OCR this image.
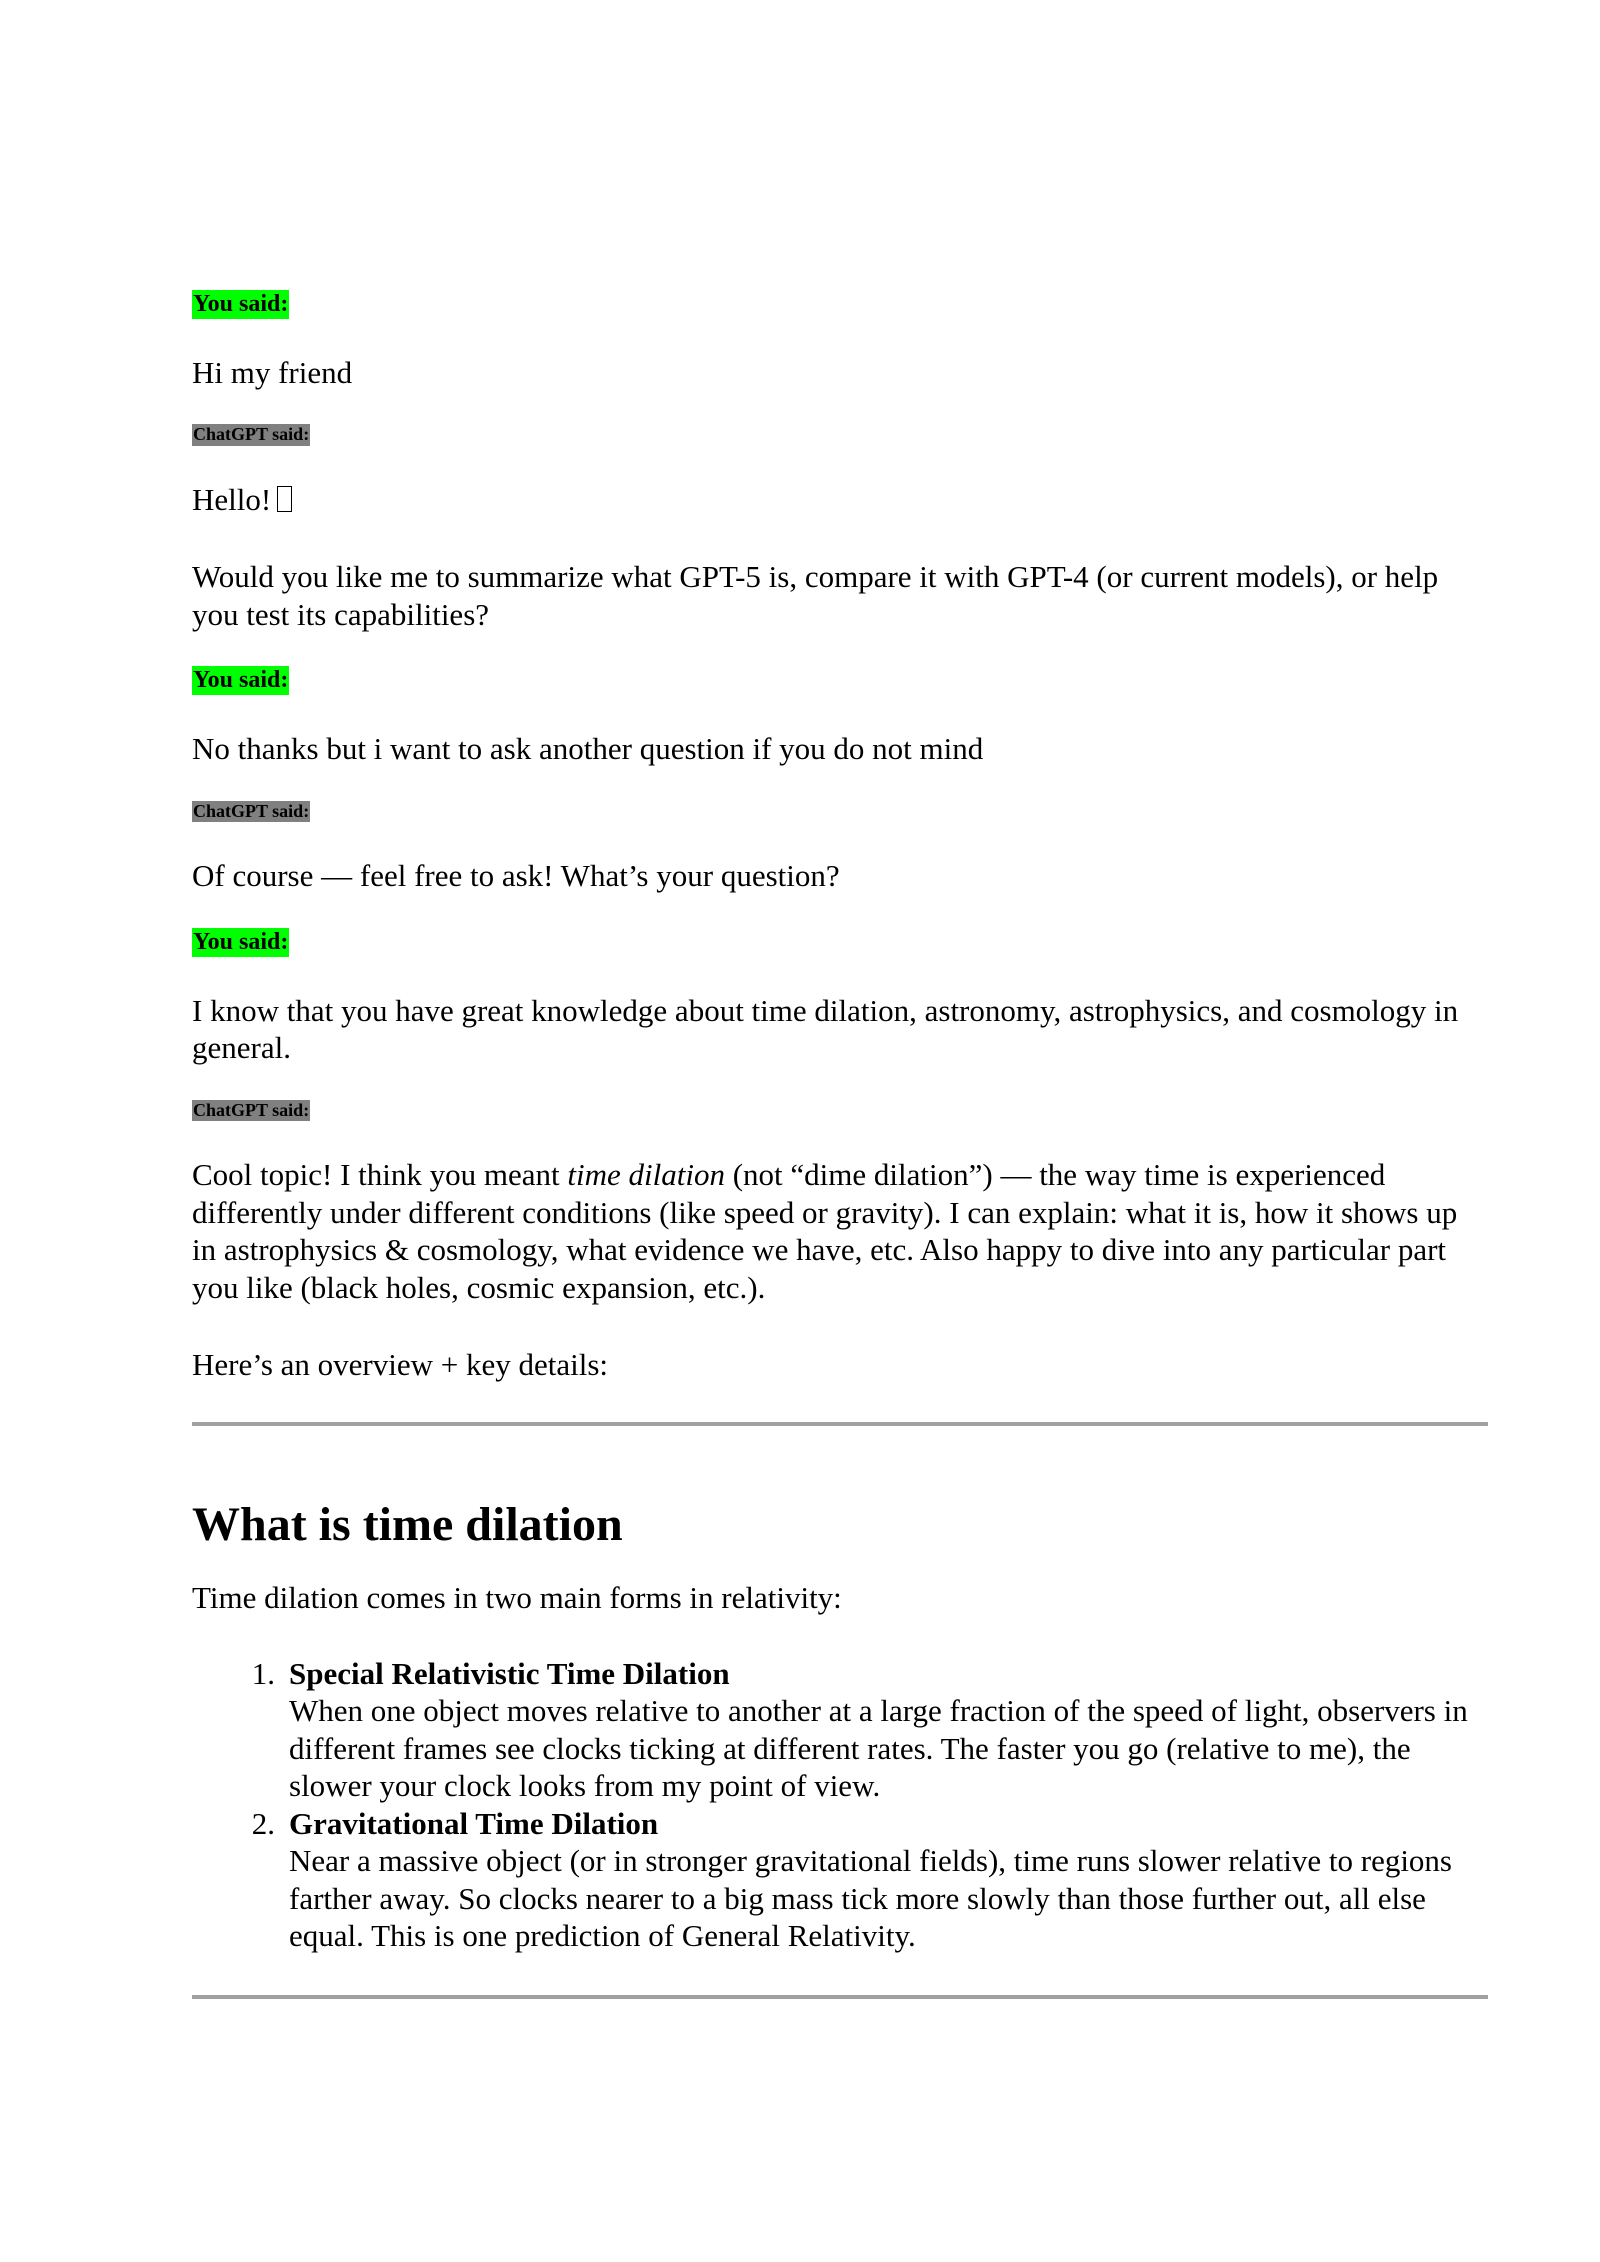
You said:

Hi my friend

ChatGPT said:

Hello!

Would you like me to summarize what GPT-5 is, compare it with GPT-4 (or current models), or help you test its capabilities?

You said:

No thanks but i want to ask another question if you do not mind

ChatGPT said:

Of course — feel free to ask! What’s your question?

You said:

I know that you have great knowledge about time dilation, astronomy, astrophysics, and cosmology in general.

ChatGPT said:

Cool topic! I think you meant time dilation (not “dime dilation”) — the way time is experienced differently under different conditions (like speed or gravity). I can explain: what it is, how it shows up in astrophysics & cosmology, what evidence we have, etc. Also happy to dive into any particular part you like (black holes, cosmic expansion, etc.).

Here’s an overview + key details:

What is time dilation

Time dilation comes in two main forms in relativity:

1. Special Relativistic Time Dilation
When one object moves relative to another at a large fraction of the speed of light, observers in different frames see clocks ticking at different rates. The faster you go (relative to me), the slower your clock looks from my point of view.
2. Gravitational Time Dilation
Near a massive object (or in stronger gravitational fields), time runs slower relative to regions farther away. So clocks nearer to a big mass tick more slowly than those further out, all else equal. This is one prediction of General Relativity.
